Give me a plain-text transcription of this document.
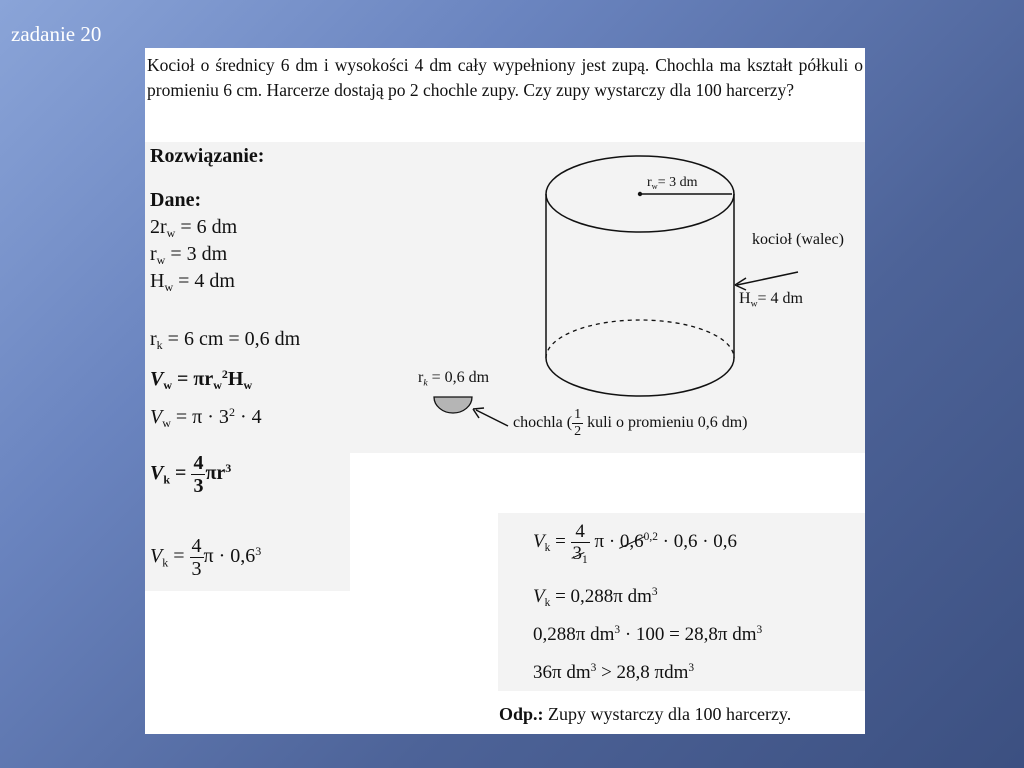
zadanie 20

Kocioł o średnicy 6 dm i wysokości 4 dm cały wypełniony jest zupą. Chochla ma kształt półkuli o promieniu 6 cm. Harcerze dostają po 2 chochle zupy. Czy zupy wystarczy dla 100 harcerzy?

Rozwiązanie:
Dane:
$2r_w = 6$ dm
$r_w = 3$ dm
$H_w = 4$ dm
$r_k = 6$ cm = 0,6 dm
$V_w = \pi r_w^2H_w$
$V_w = \pi \cdot 3^2 \cdot 4$
$V_k = \frac{4}{3} \pi r^3$
$V_k = \frac{4}{3}$ $\pi \cdot 0,6^3$
$r_w= 3$ dm
kocioł (walec)
$H_w= 4$ dm
$r_k = 0,6$ dm
chochla ( $\frac{1}{2}$ kuli o promieniu 0,6 dm)
$V_k = \frac{4}{3_1}$ $\pi \cdot 0,6^{0,2} \cdot 0,6 \cdot 0,6$
$V_k = 0,288\pi$ $dm^3$
0,288π $dm^3 \cdot 100 = 28,8\pi$ $dm^3$
36π $dm^3 > 28,8$ πdm$^3$
Odp.: Zupy wystarczy dla 100 harcerzy.
